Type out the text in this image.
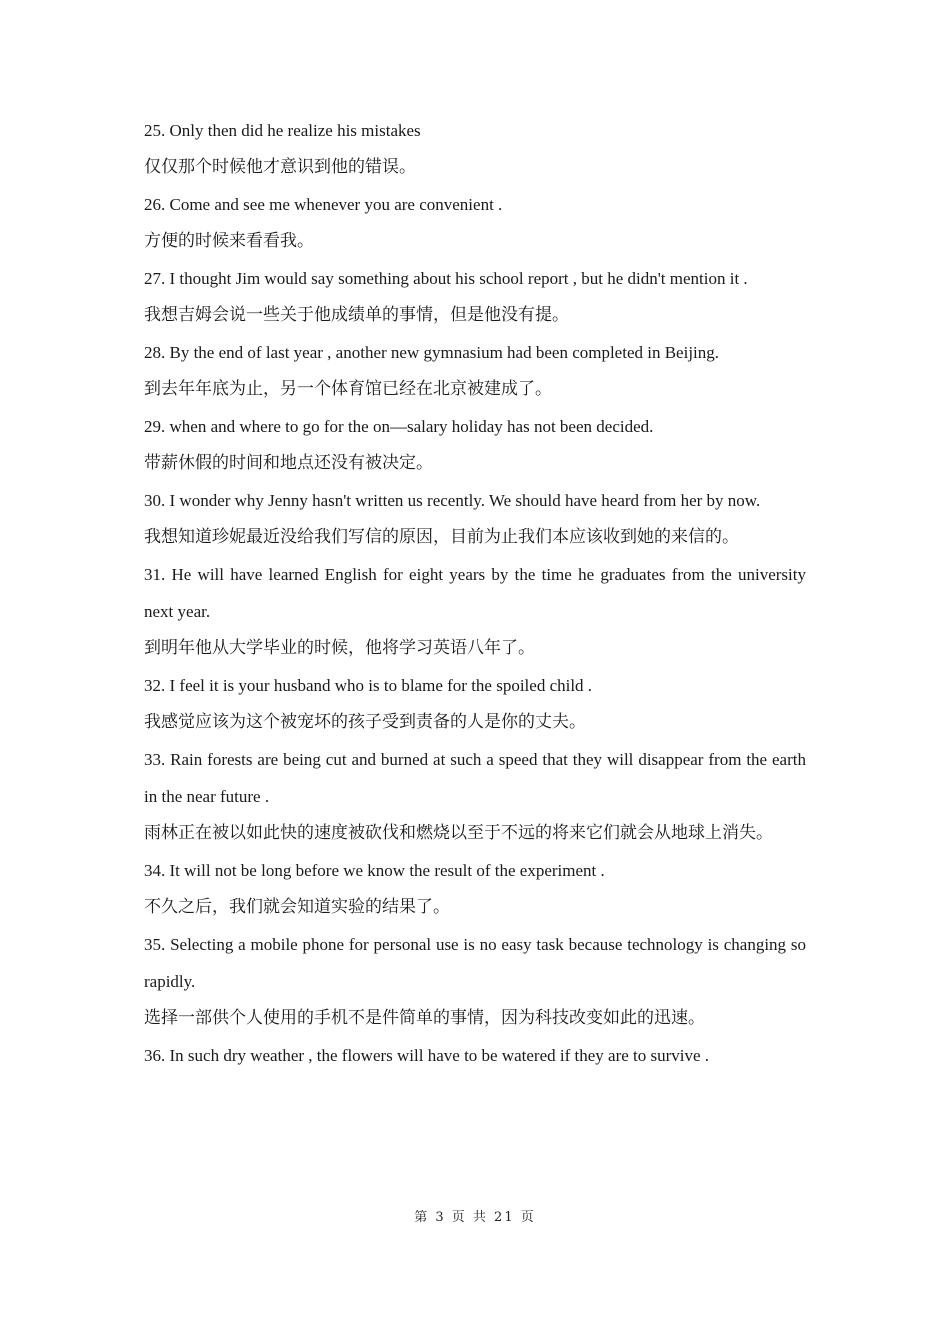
25. Only then did he realize his mistakes

仅仅那个时候他才意识到他的错误。

26. Come and see me whenever you are convenient .

方便的时候来看看我。

27. I thought Jim would say something about his school report , but he didn't mention it .

我想吉姆会说一些关于他成绩单的事情，但是他没有提。

28. By the end of last year , another new gymnasium had been completed in Beijing.

到去年年底为止，另一个体育馆已经在北京被建成了。

29. when and where to go for the on—salary holiday has not been decided.

带薪休假的时间和地点还没有被决定。

30. I wonder why Jenny hasn't written us recently. We should have heard from her by now.

我想知道珍妮最近没给我们写信的原因，目前为止我们本应该收到她的来信的。

31. He will have learned English for eight years by the time he graduates from the university next year.

到明年他从大学毕业的时候，他将学习英语八年了。

32. I feel it is your husband who is to blame for the spoiled child .

我感觉应该为这个被宠坏的孩子受到责备的人是你的丈夫。

33. Rain forests are being cut and burned at such a speed that they will disappear from the earth in the near future .

雨林正在被以如此快的速度被砍伐和燃烧以至于不远的将来它们就会从地球上消失。

34. It will not be long before we know the result of the experiment .

不久之后，我们就会知道实验的结果了。

35. Selecting a mobile phone for personal use is no easy task because technology is changing so rapidly.

选择一部供个人使用的手机不是件简单的事情，因为科技改变如此的迅速。

36. In such dry weather , the flowers will have to be watered if they are to survive .

第 3 页 共 21 页
